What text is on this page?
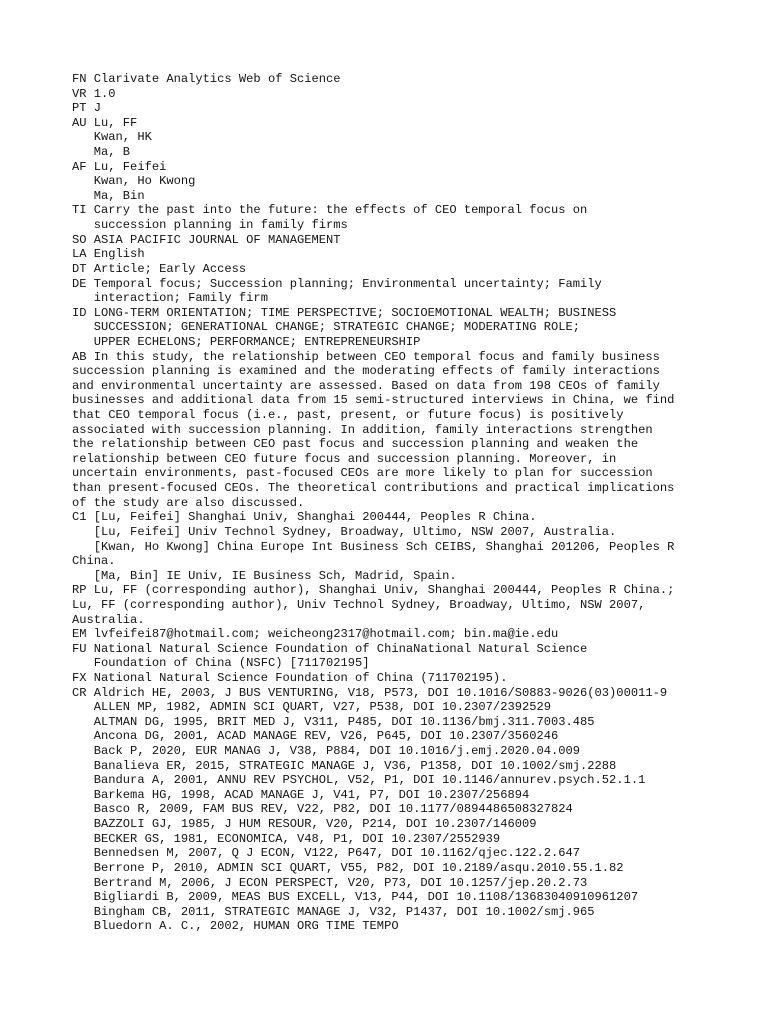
FN Clarivate Analytics Web of Science
VR 1.0
PT J
AU Lu, FF
Kwan, HK
Ma, B
AF Lu, Feifei
Kwan, Ho Kwong
Ma, Bin
TI Carry the past into the future: the effects of CEO temporal focus on
succession planning in family firms
SO ASIA PACIFIC JOURNAL OF MANAGEMENT
LA English
DT Article; Early Access
DE Temporal focus; Succession planning; Environmental uncertainty; Family
interaction; Family firm
ID LONG-TERM ORIENTATION; TIME PERSPECTIVE; SOCIOEMOTIONAL WEALTH; BUSINESS
SUCCESSION; GENERATIONAL CHANGE; STRATEGIC CHANGE; MODERATING ROLE;
UPPER ECHELONS; PERFORMANCE; ENTREPRENEURSHIP
AB In this study, the relationship between CEO temporal focus and family business
succession planning is examined and the moderating effects of family interactions
and environmental uncertainty are assessed. Based on data from 198 CEOs of family
businesses and additional data from 15 semi-structured interviews in China, we find
that CEO temporal focus (i.e., past, present, or future focus) is positively
associated with succession planning. In addition, family interactions strengthen
the relationship between CEO past focus and succession planning and weaken the
relationship between CEO future focus and succession planning. Moreover, in
uncertain environments, past-focused CEOs are more likely to plan for succession
than present-focused CEOs. The theoretical contributions and practical implications
of the study are also discussed.
C1 [Lu, Feifei] Shanghai Univ, Shanghai 200444, Peoples R China.
[Lu, Feifei] Univ Technol Sydney, Broadway, Ultimo, NSW 2007, Australia.
[Kwan, Ho Kwong] China Europe Int Business Sch CEIBS, Shanghai 201206, Peoples R
China.
[Ma, Bin] IE Univ, IE Business Sch, Madrid, Spain.
RP Lu, FF (corresponding author), Shanghai Univ, Shanghai 200444, Peoples R China.;
Lu, FF (corresponding author), Univ Technol Sydney, Broadway, Ultimo, NSW 2007,
Australia.
EM lvfeifei87@hotmail.com; weicheong2317@hotmail.com; bin.ma@ie.edu
FU National Natural Science Foundation of ChinaNational Natural Science
Foundation of China (NSFC) [711702195]
FX National Natural Science Foundation of China (711702195).
CR Aldrich HE, 2003, J BUS VENTURING, V18, P573, DOI 10.1016/S0883-9026(03)00011-9
ALLEN MP, 1982, ADMIN SCI QUART, V27, P538, DOI 10.2307/2392529
ALTMAN DG, 1995, BRIT MED J, V311, P485, DOI 10.1136/bmj.311.7003.485
Ancona DG, 2001, ACAD MANAGE REV, V26, P645, DOI 10.2307/3560246
Back P, 2020, EUR MANAG J, V38, P884, DOI 10.1016/j.emj.2020.04.009
Banalieva ER, 2015, STRATEGIC MANAGE J, V36, P1358, DOI 10.1002/smj.2288
Bandura A, 2001, ANNU REV PSYCHOL, V52, P1, DOI 10.1146/annurev.psych.52.1.1
Barkema HG, 1998, ACAD MANAGE J, V41, P7, DOI 10.2307/256894
Basco R, 2009, FAM BUS REV, V22, P82, DOI 10.1177/0894486508327824
BAZZOLI GJ, 1985, J HUM RESOUR, V20, P214, DOI 10.2307/146009
BECKER GS, 1981, ECONOMICA, V48, P1, DOI 10.2307/2552939
Bennedsen M, 2007, Q J ECON, V122, P647, DOI 10.1162/qjec.122.2.647
Berrone P, 2010, ADMIN SCI QUART, V55, P82, DOI 10.2189/asqu.2010.55.1.82
Bertrand M, 2006, J ECON PERSPECT, V20, P73, DOI 10.1257/jep.20.2.73
Bigliardi B, 2009, MEAS BUS EXCELL, V13, P44, DOI 10.1108/13683040910961207
Bingham CB, 2011, STRATEGIC MANAGE J, V32, P1437, DOI 10.1002/smj.965
Bluedorn A. C., 2002, HUMAN ORG TIME TEMPO
